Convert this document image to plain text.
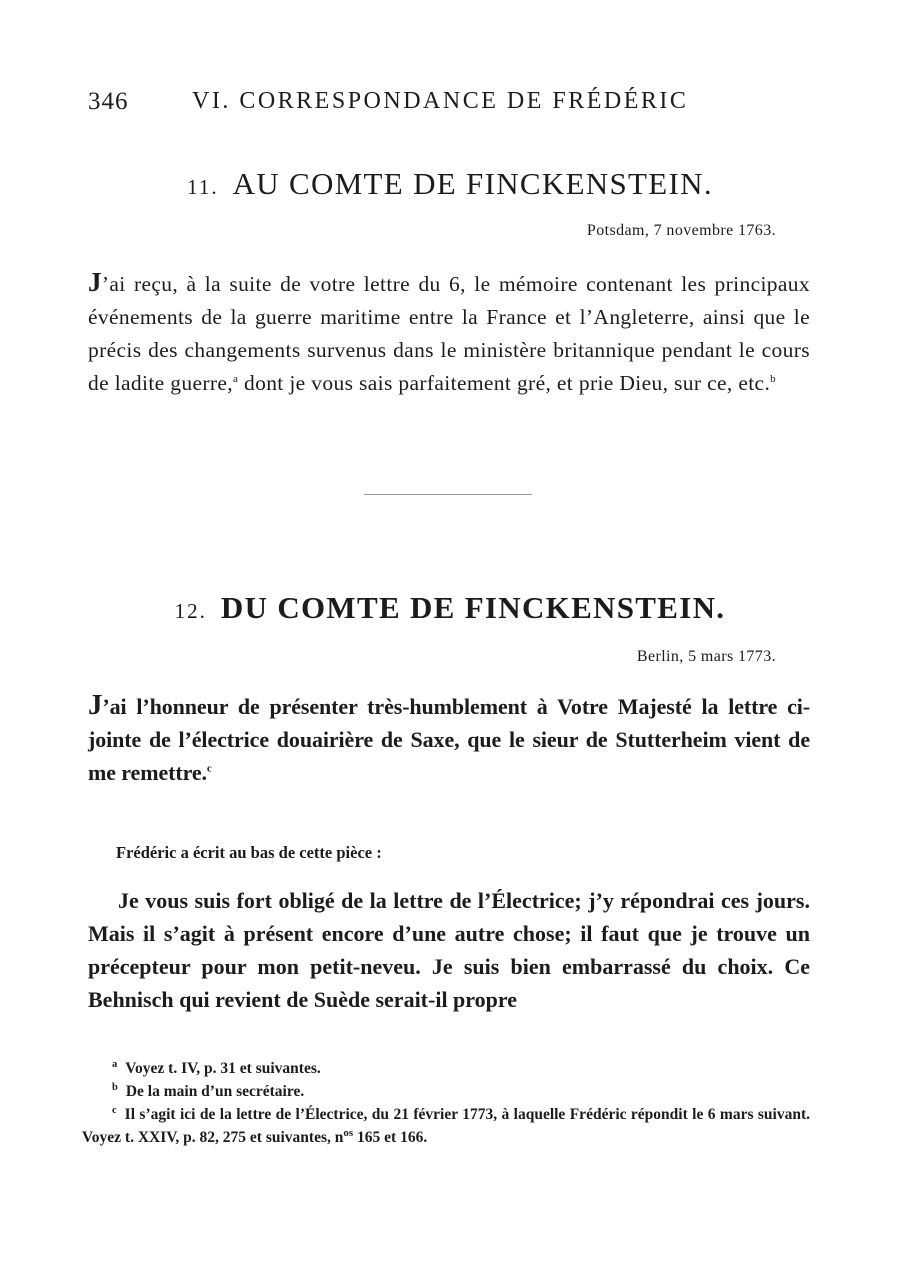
346	VI. CORRESPONDANCE DE FRÉDÉRIC
11. AU COMTE DE FINCKENSTEIN.
Potsdam, 7 novembre 1763.
J’ai reçu, à la suite de votre lettre du 6, le mémoire contenant les principaux événements de la guerre maritime entre la France et l’Angleterre, ainsi que le précis des changements survenus dans le ministère britannique pendant le cours de ladite guerre,$^a$ dont je vous sais parfaitement gré, et prie Dieu, sur ce, etc.$^b$
12. DU COMTE DE FINCKENSTEIN.
Berlin, 5 mars 1773.
J’ai l’honneur de présenter très-humblement à Votre Majesté la lettre ci-jointe de l’électrice douairière de Saxe, que le sieur de Stutterheim vient de me remettre.$^c$
Frédéric a écrit au bas de cette pièce :
Je vous suis fort obligé de la lettre de l’Électrice; j’y répondrai ces jours. Mais il s’agit à présent encore d’une autre chose; il faut que je trouve un précepteur pour mon petit-neveu. Je suis bien embarrassé du choix. Ce Behnisch qui revient de Suède serait-il propre

$^a$ Voyez t. IV, p. 31 et suivantes.

$^b$ De la main d’un secrétaire.

$^c$ Il s’agit ici de la lettre de l’Électrice, du 21 février 1773, à laquelle Frédéric répondit le 6 mars suivant. Voyez t. XXIV, p. 82, 275 et suivantes, $n^{os}$ 165 et 166.
